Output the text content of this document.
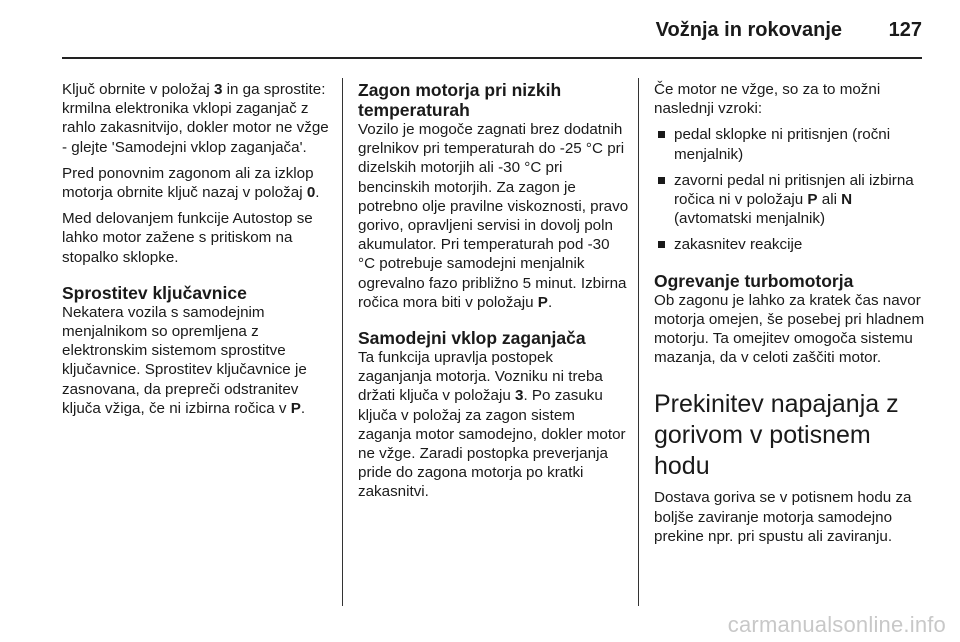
Vožnja in rokovanje 127

Ključ obrnite v položaj 3 in ga sprostite: krmilna elektronika vklopi zaganjač z rahlo zakasnitvijo, dokler motor ne vžge - glejte 'Samodejni vklop zaganjača'.

Pred ponovnim zagonom ali za izklop motorja obrnite ključ nazaj v položaj 0.

Med delovanjem funkcije Autostop se lahko motor zažene s pritiskom na stopalko sklopke.

Sprostitev ključavnice

Nekatera vozila s samodejnim menjalnikom so opremljena z elektronskim sistemom sprostitve ključavnice. Sprostitev ključavnice je zasnovana, da prepreči odstranitev ključa vžiga, če ni izbirna ročica v P.

Zagon motorja pri nizkih temperaturah

Vozilo je mogoče zagnati brez dodatnih grelnikov pri temperaturah do -25 °C pri dizelskih motorjih ali -30 °C pri bencinskih motorjih. Za zagon je potrebno olje pravilne viskoznosti, pravo gorivo, opravljeni servisi in dovolj poln akumulator. Pri temperaturah pod -30 °C potrebuje samodejni menjalnik ogrevalno fazo približno 5 minut. Izbirna ročica mora biti v položaju P.

Samodejni vklop zaganjača

Ta funkcija upravlja postopek zaganjanja motorja. Vozniku ni treba držati ključa v položaju 3. Po zasuku ključa v položaj za zagon sistem zaganja motor samodejno, dokler motor ne vžge. Zaradi postopka preverjanja pride do zagona motorja po kratki zakasnitvi.

Če motor ne vžge, so za to možni naslednji vzroki:

pedal sklopke ni pritisnjen (ročni menjalnik)
zavorni pedal ni pritisnjen ali izbirna ročica ni v položaju P ali N (avtomatski menjalnik)
zakasnitev reakcije
Ogrevanje turbomotorja

Ob zagonu je lahko za kratek čas navor motorja omejen, še posebej pri hladnem motorju. Ta omejitev omogoča sistemu mazanja, da v celoti zaščiti motor.

Prekinitev napajanja z gorivom v potisnem hodu

Dostava goriva se v potisnem hodu za boljše zaviranje motorja samodejno prekine npr. pri spustu ali zaviranju.

carmanualsonline.info
